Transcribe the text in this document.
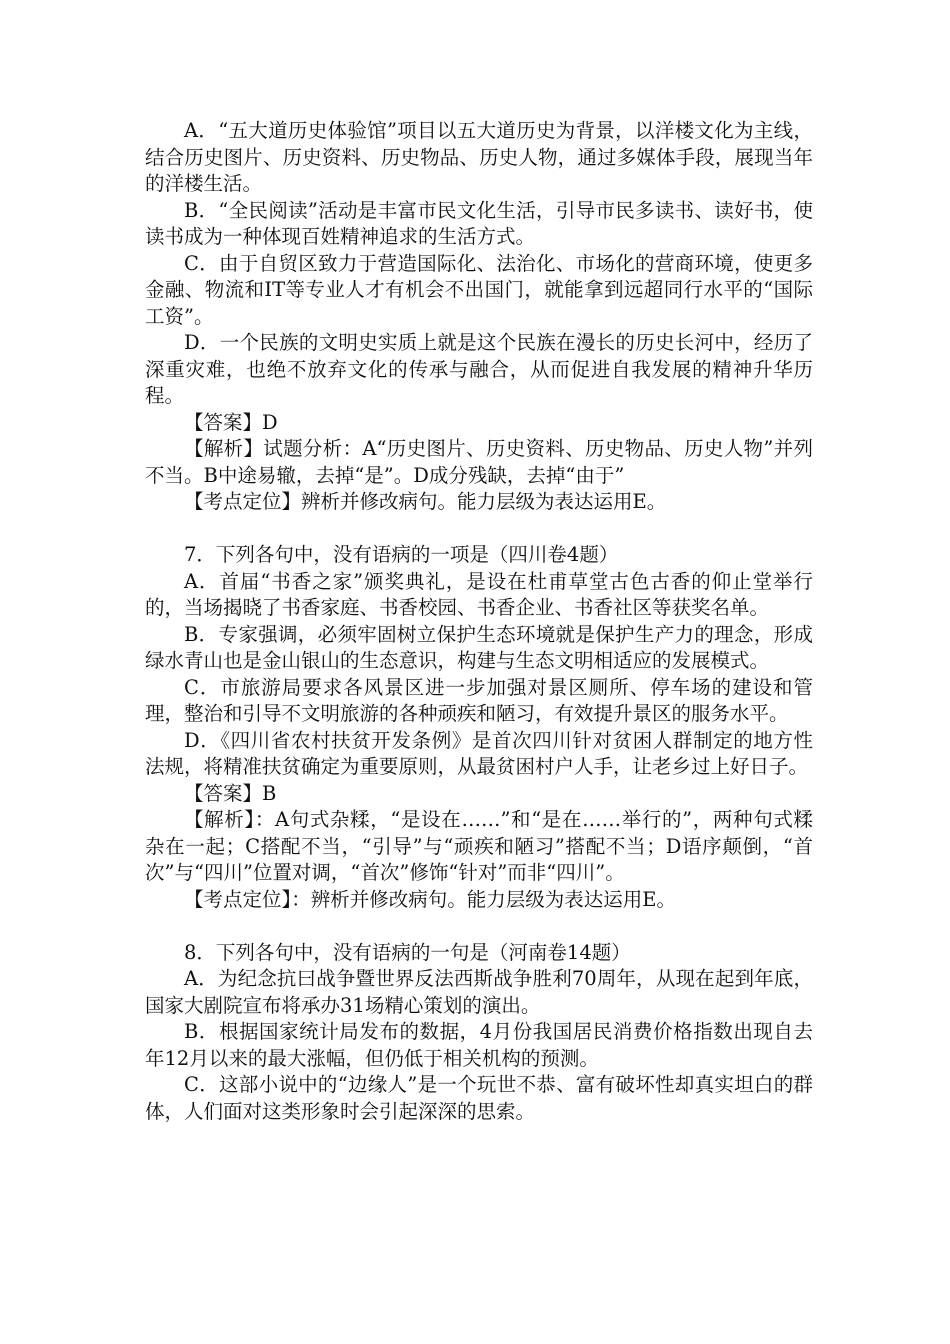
A．“五大道历史体验馆”项目以五大道历史为背景，以洋楼文化为主线，结合历史图片、历史资料、历史物品、历史人物，通过多媒体手段，展现当年的洋楼生活。

B．“全民阅读”活动是丰富市民文化生活，引导市民多读书、读好书，使读书成为一种体现百姓精神追求的生活方式。

C．由于自贸区致力于营造国际化、法治化、市场化的营商环境，使更多金融、物流和IT等专业人才有机会不出国门，就能拿到远超同行水平的“国际工资”。

D．一个民族的文明史实质上就是这个民族在漫长的历史长河中，经历了深重灾难，也绝不放弃文化的传承与融合，从而促进自我发展的精神升华历程。

【答案】D

【解析】试题分析：A“历史图片、历史资料、历史物品、历史人物”并列不当。B中途易辙，去掉“是”。D成分残缺，去掉“由于”

【考点定位】辨析并修改病句。能力层级为表达运用E。

7．下列各句中，没有语病的一项是（四川卷4题）

A．首届“书香之家”颁奖典礼，是设在杜甫草堂古色古香的仰止堂举行的，当场揭晓了书香家庭、书香校园、书香企业、书香社区等获奖名单。

B．专家强调，必须牢固树立保护生态环境就是保护生产力的理念，形成绿水青山也是金山银山的生态意识，构建与生态文明相适应的发展模式。

C．市旅游局要求各风景区进一步加强对景区厕所、停车场的建设和管理，整治和引导不文明旅游的各种顽疾和陋习，有效提升景区的服务水平。

D．《四川省农村扶贫开发条例》是首次四川针对贫困人群制定的地方性法规，将精准扶贫确定为重要原则，从最贫困村户人手，让老乡过上好日子。

【答案】B

【解析】：A句式杂糅，“是设在……”和“是在……举行的”，两种句式糅杂在一起；C搭配不当，“引导”与“顽疾和陋习”搭配不当；D语序颠倒，“首次”与“四川”位置对调，“首次”修饰“针对”而非“四川”。

【考点定位】：辨析并修改病句。能力层级为表达运用E。

8．下列各句中，没有语病的一句是（河南卷14题）

A．为纪念抗曰战争暨世界反法西斯战争胜利70周年，从现在起到年底，国家大剧院宣布将承办31场精心策划的演出。

B．根据国家统计局发布的数据，4月份我国居民消费价格指数出现自去年12月以来的最大涨幅，但仍低于相关机构的预测。

C．这部小说中的“边缘人”是一个玩世不恭、富有破坏性却真实坦白的群体，人们面对这类形象时会引起深深的思索。
